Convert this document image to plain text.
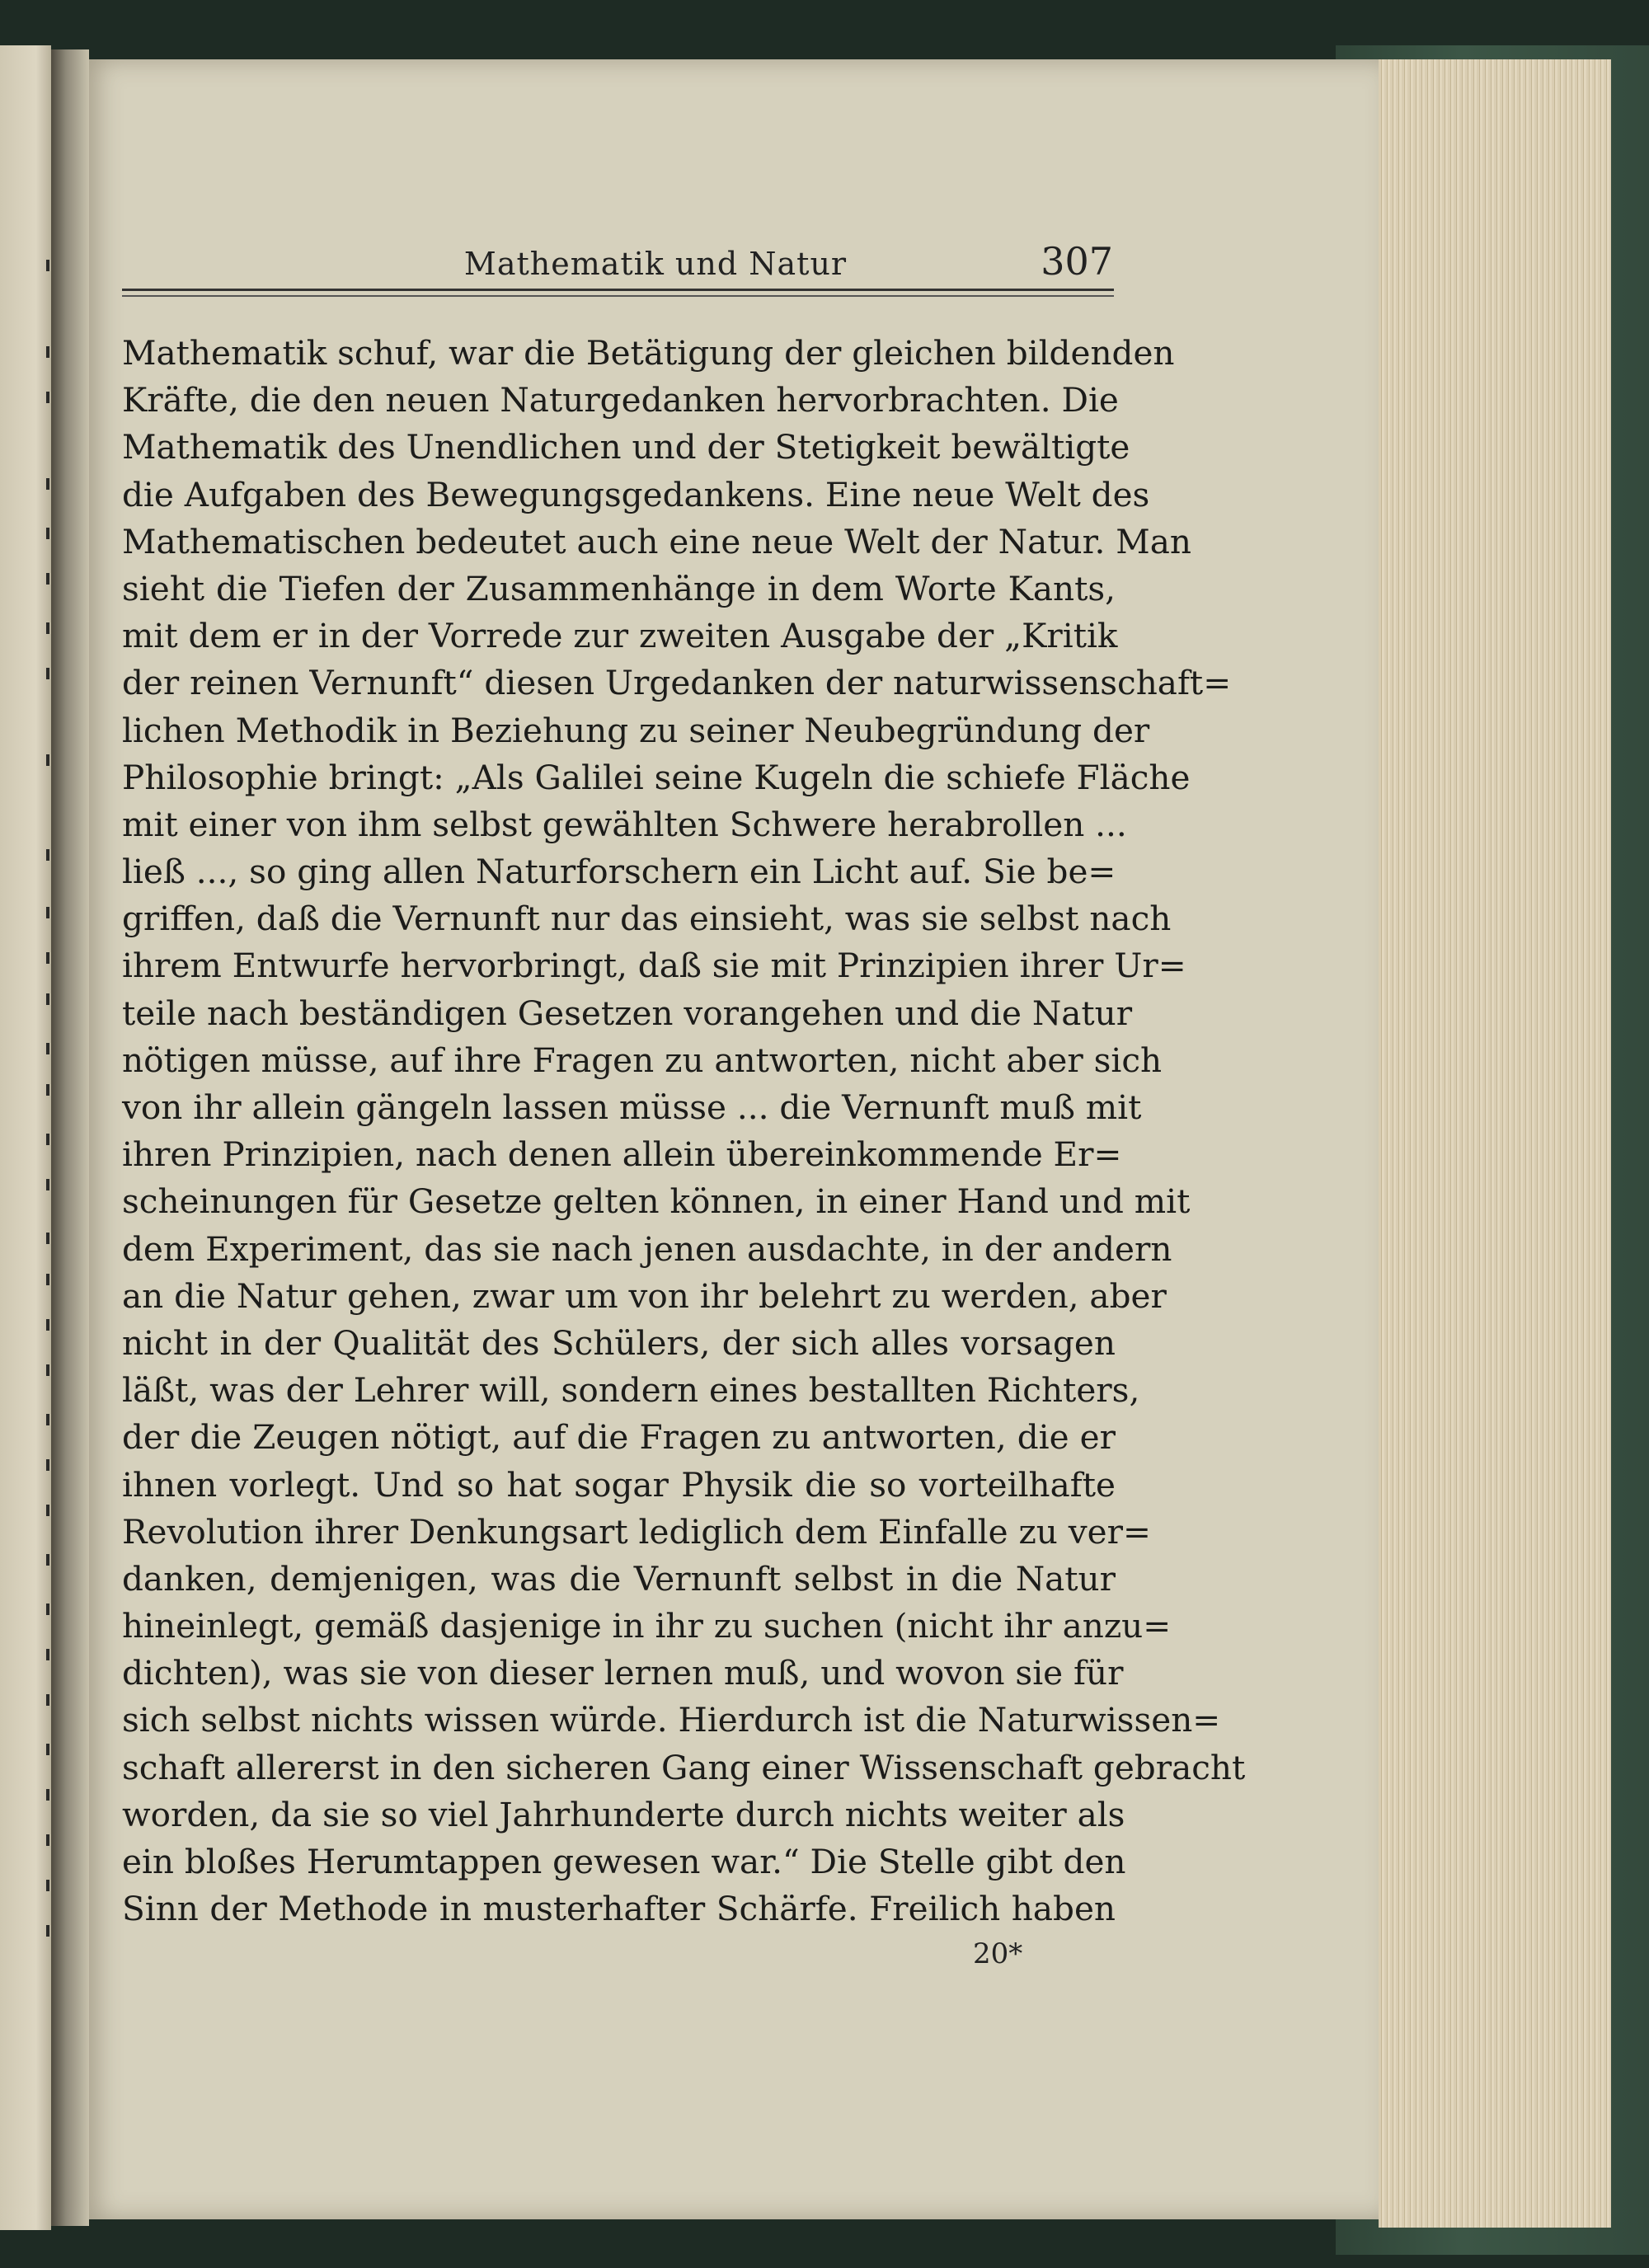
Mathematik und Natur	307
Mathematik schuf, war die Betätigung der gleichen bildenden
Kräfte, die den neuen Naturgedanken hervorbrachten. Die
Mathematik des Unendlichen und der Stetigkeit bewältigte
die Aufgaben des Bewegungsgedankens. Eine neue Welt des
Mathematischen bedeutet auch eine neue Welt der Natur. Man
sieht die Tiefen der Zusammenhänge in dem Worte Kants,
mit dem er in der Vorrede zur zweiten Ausgabe der „Kritik
der reinen Vernunft“ diesen Urgedanken der naturwissenschaft=
lichen Methodik in Beziehung zu seiner Neubegründung der
Philosophie bringt: „Als Galilei seine Kugeln die schiefe Fläche
mit einer von ihm selbst gewählten Schwere herabrollen ...
ließ ..., so ging allen Naturforschern ein Licht auf. Sie be=
griffen, daß die Vernunft nur das einsieht, was sie selbst nach
ihrem Entwurfe hervorbringt, daß sie mit Prinzipien ihrer Ur=
teile nach beständigen Gesetzen vorangehen und die Natur
nötigen müsse, auf ihre Fragen zu antworten, nicht aber sich
von ihr allein gängeln lassen müsse ... die Vernunft muß mit
ihren Prinzipien, nach denen allein übereinkommende Er=
scheinungen für Gesetze gelten können, in einer Hand und mit
dem Experiment, das sie nach jenen ausdachte, in der andern
an die Natur gehen, zwar um von ihr belehrt zu werden, aber
nicht in der Qualität des Schülers, der sich alles vorsagen
läßt, was der Lehrer will, sondern eines bestallten Richters,
der die Zeugen nötigt, auf die Fragen zu antworten, die er
ihnen vorlegt. Und so hat sogar Physik die so vorteilhafte
Revolution ihrer Denkungsart lediglich dem Einfalle zu ver=
danken, demjenigen, was die Vernunft selbst in die Natur
hineinlegt, gemäß dasjenige in ihr zu suchen (nicht ihr anzu=
dichten), was sie von dieser lernen muß, und wovon sie für
sich selbst nichts wissen würde. Hierdurch ist die Naturwissen=
schaft allererst in den sicheren Gang einer Wissenschaft gebracht
worden, da sie so viel Jahrhunderte durch nichts weiter als
ein bloßes Herumtappen gewesen war.“ Die Stelle gibt den
Sinn der Methode in musterhafter Schärfe. Freilich haben
20*
